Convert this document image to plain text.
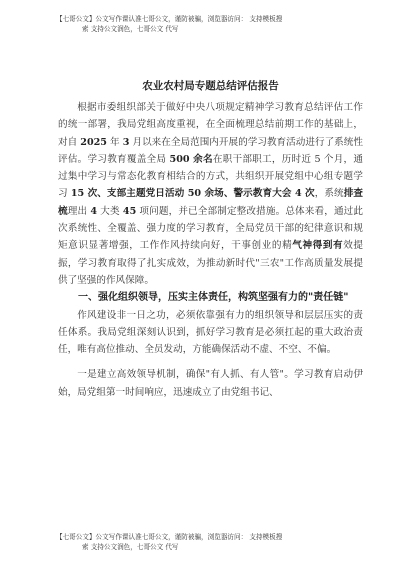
【七哥公文】公文写作课认准七哥公文，谨防被骗，浏览器访问： 支持模板搜
索 支持公文润色，七哥公文 代写
农业农村局专题总结评估报告

根据市委组织部关于做好中央八项规定精神学习教育总结评估工作的统一部署，我局党组高度重视，在全面梳理总结前期工作的基础上，对自 2025 年 3 月以来在全局范围内开展的学习教育活动进行了系统性评估。学习教育覆盖全局 500 余名在职干部职工，历时近 5 个月，通过集中学习与常态化教育相结合的方式，共组织开展党组中心组专题学习 15 次、支部主题党日活动 50 余场、警示教育大会 4 次，系统排查梳理出 4 大类 45 项问题，并已全部制定整改措施。总体来看，通过此次系统性、全覆盖、强力度的学习教育，全局党员干部的纪律意识和规矩意识显著增强，工作作风持续向好，干事创业的精气神得到有效提振，学习教育取得了扎实成效，为推动新时代"三农"工作高质量发展提供了坚强的作风保障。

一、强化组织领导，压实主体责任，构筑坚强有力的"责任链"

作风建设非一日之功，必须依靠强有力的组织领导和层层压实的责任体系。我局党组深刻认识到，抓好学习教育是必须扛起的重大政治责任，唯有高位推动、全员发动，方能确保活动不虚、不空、不偏。

一是建立高效领导机制，确保"有人抓、有人管"。学习教育启动伊始，局党组第一时间响应，迅速成立了由党组书记、

【七哥公文】公文写作课认准七哥公文，谨防被骗，浏览器访问： 支持模板搜
索 支持公文润色，七哥公文 代写
